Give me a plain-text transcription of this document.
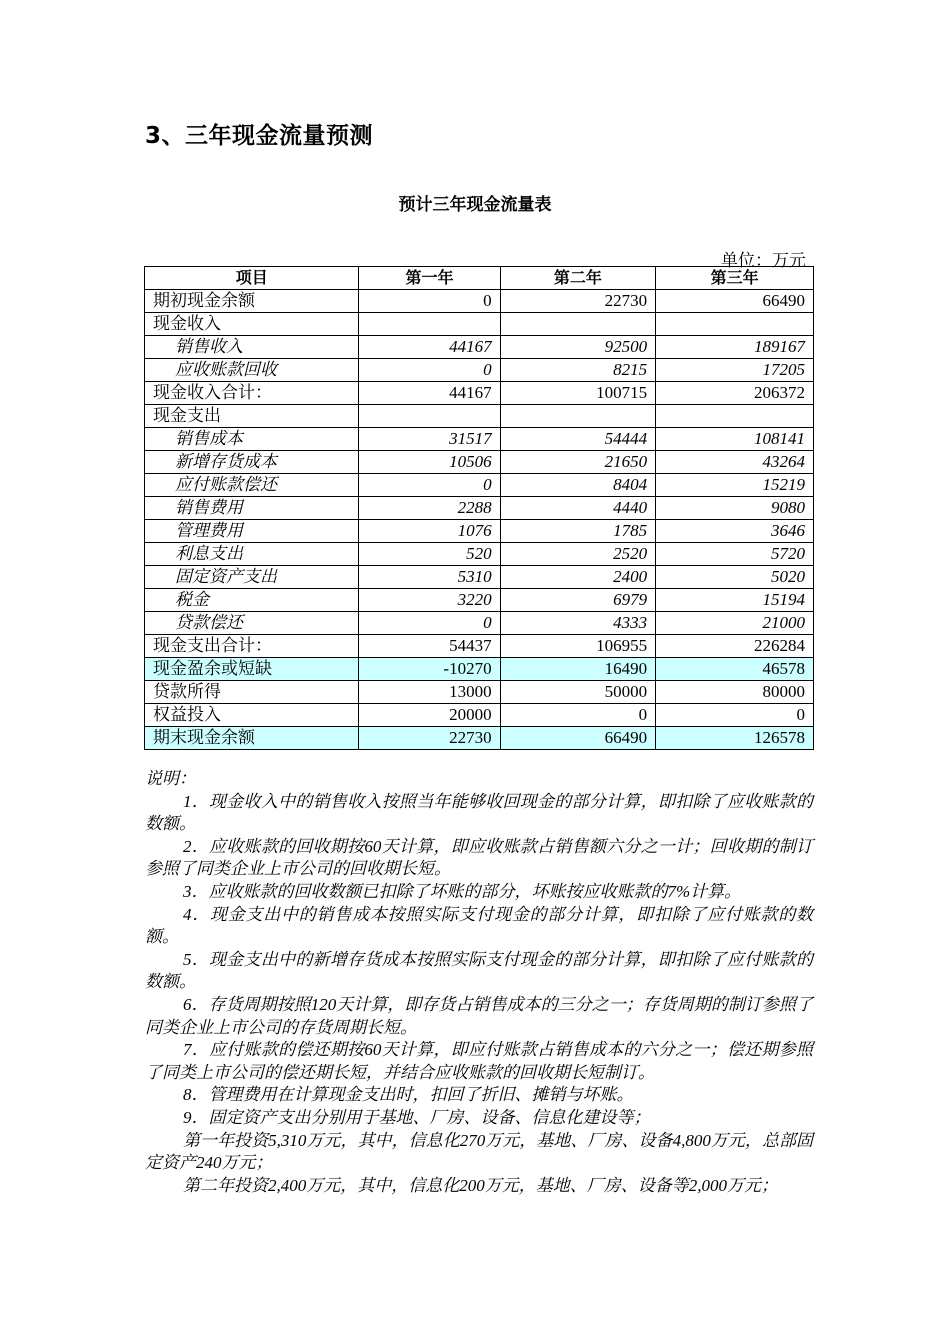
3、三年现金流量预测
预计三年现金流量表
单位：万元
项目	第一年	第二年	第三年
期初现金余额	0	22730	66490
现金收入			
销售收入	44167	92500	189167
应收账款回收	0	8215	17205
现金收入合计：	44167	100715	206372
现金支出			
销售成本	31517	54444	108141
新增存货成本	10506	21650	43264
应付账款偿还	0	8404	15219
销售费用	2288	4440	9080
管理费用	1076	1785	3646
利息支出	520	2520	5720
固定资产支出	5310	2400	5020
税金	3220	6979	15194
贷款偿还	0	4333	21000
现金支出合计：	54437	106955	226284
现金盈余或短缺	-10270	16490	46578
贷款所得	13000	50000	80000
权益投入	20000	0	0
期末现金余额	22730	66490	126578

说明：

1．现金收入中的销售收入按照当年能够收回现金的部分计算，即扣除了应收账款的数额。

2．应收账款的回收期按60天计算，即应收账款占销售额六分之一计；回收期的制订参照了同类企业上市公司的回收期长短。

3．应收账款的回收数额已扣除了坏账的部分，坏账按应收账款的7%计算。

4．现金支出中的销售成本按照实际支付现金的部分计算，即扣除了应付账款的数额。

5．现金支出中的新增存货成本按照实际支付现金的部分计算，即扣除了应付账款的数额。

6．存货周期按照120天计算，即存货占销售成本的三分之一；存货周期的制订参照了同类企业上市公司的存货周期长短。

7．应付账款的偿还期按60天计算，即应付账款占销售成本的六分之一；偿还期参照了同类上市公司的偿还期长短，并结合应收账款的回收期长短制订。

8．管理费用在计算现金支出时，扣回了折旧、摊销与坏账。

9．固定资产支出分别用于基地、厂房、设备、信息化建设等；

第一年投资5,310万元，其中，信息化270万元，基地、厂房、设备4,800万元，总部固定资产240万元；

第二年投资2,400万元，其中，信息化200万元，基地、厂房、设备等2,000万元；
